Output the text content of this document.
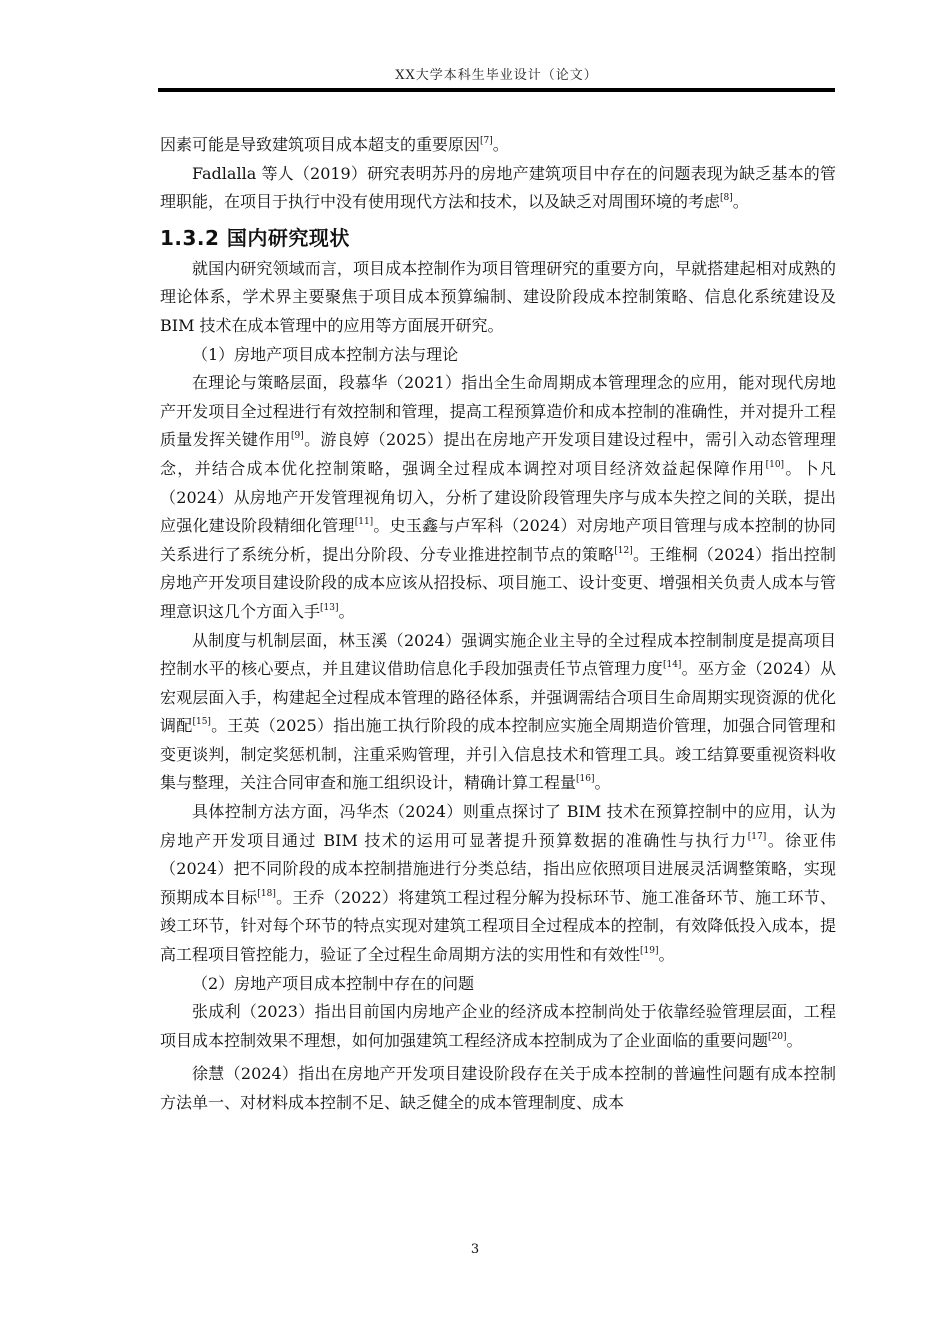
XX大学本科生毕业设计（论文）

因素可能是导致建筑项目成本超支的重要原因[7]。

Fadlalla 等人（2019）研究表明苏丹的房地产建筑项目中存在的问题表现为缺乏基本的管理职能，在项目于执行中没有使用现代方法和技术，以及缺乏对周围环境的考虑[8]。

1.3.2 国内研究现状

就国内研究领域而言，项目成本控制作为项目管理研究的重要方向，早就搭建起相对成熟的理论体系，学术界主要聚焦于项目成本预算编制、建设阶段成本控制策略、信息化系统建设及 BIM 技术在成本管理中的应用等方面展开研究。

（1）房地产项目成本控制方法与理论

在理论与策略层面，段慕华（2021）指出全生命周期成本管理理念的应用，能对现代房地产开发项目全过程进行有效控制和管理，提高工程预算造价和成本控制的准确性，并对提升工程质量发挥关键作用[9]。游良婷（2025）提出在房地产开发项目建设过程中，需引入动态管理理念，并结合成本优化控制策略，强调全过程成本调控对项目经济效益起保障作用[10]。卜凡（2024）从房地产开发管理视角切入，分析了建设阶段管理失序与成本失控之间的关联，提出应强化建设阶段精细化管理[11]。史玉鑫与卢军科（2024）对房地产项目管理与成本控制的协同关系进行了系统分析，提出分阶段、分专业推进控制节点的策略[12]。王维桐（2024）指出控制房地产开发项目建设阶段的成本应该从招投标、项目施工、设计变更、增强相关负责人成本与管理意识这几个方面入手[13]。

从制度与机制层面，林玉溪（2024）强调实施企业主导的全过程成本控制制度是提高项目控制水平的核心要点，并且建议借助信息化手段加强责任节点管理力度[14]。巫方金（2024）从宏观层面入手，构建起全过程成本管理的路径体系，并强调需结合项目生命周期实现资源的优化调配[15]。王英（2025）指出施工执行阶段的成本控制应实施全周期造价管理，加强合同管理和变更谈判，制定奖惩机制，注重采购管理，并引入信息技术和管理工具。竣工结算要重视资料收集与整理，关注合同审查和施工组织设计，精确计算工程量[16]。

具体控制方法方面，冯华杰（2024）则重点探讨了 BIM 技术在预算控制中的应用，认为房地产开发项目通过 BIM 技术的运用可显著提升预算数据的准确性与执行力[17]。徐亚伟（2024）把不同阶段的成本控制措施进行分类总结，指出应依照项目进展灵活调整策略，实现预期成本目标[18]。王乔（2022）将建筑工程过程分解为投标环节、施工准备环节、施工环节、竣工环节，针对每个环节的特点实现对建筑工程项目全过程成本的控制，有效降低投入成本，提高工程项目管控能力，验证了全过程生命周期方法的实用性和有效性[19]。

（2）房地产项目成本控制中存在的问题

张成利（2023）指出目前国内房地产企业的经济成本控制尚处于依靠经验管理层面，工程项目成本控制效果不理想，如何加强建筑工程经济成本控制成为了企业面临的重要问题[20]。

徐慧（2024）指出在房地产开发项目建设阶段存在关于成本控制的普遍性问题有成本控制方法单一、对材料成本控制不足、缺乏健全的成本管理制度、成本

3
